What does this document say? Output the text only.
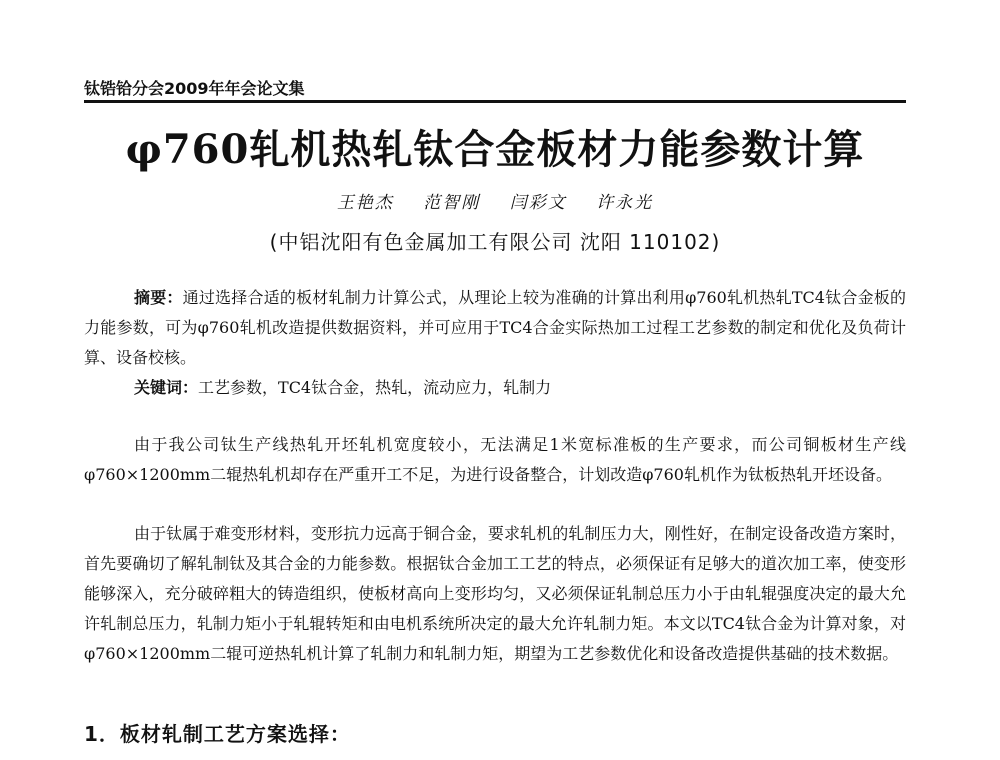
钛锆铪分会2009年年会论文集
φ760轧机热轧钛合金板材力能参数计算
王艳杰 范智刚 闫彩文 许永光
(中铝沈阳有色金属加工有限公司 沈阳 110102)
摘要：通过选择合适的板材轧制力计算公式，从理论上较为准确的计算出利用φ760轧机热轧TC4钛合金板的力能参数，可为φ760轧机改造提供数据资料，并可应用于TC4合金实际热加工过程工艺参数的制定和优化及负荷计算、设备校核。
关键词：工艺参数，TC4钛合金，热轧，流动应力，轧制力
由于我公司钛生产线热轧开坯轧机宽度较小，无法满足1米宽标准板的生产要求，而公司铜板材生产线φ760×1200mm二辊热轧机却存在严重开工不足，为进行设备整合，计划改造φ760轧机作为钛板热轧开坯设备。
由于钛属于难变形材料，变形抗力远高于铜合金，要求轧机的轧制压力大，刚性好，在制定设备改造方案时，首先要确切了解轧制钛及其合金的力能参数。根据钛合金加工工艺的特点，必须保证有足够大的道次加工率，使变形能够深入，充分破碎粗大的铸造组织，使板材高向上变形均匀，又必须保证轧制总压力小于由轧辊强度决定的最大允许轧制总压力，轧制力矩小于轧辊转矩和由电机系统所决定的最大允许轧制力矩。本文以TC4钛合金为计算对象，对φ760×1200mm二辊可逆热轧机计算了轧制力和轧制力矩，期望为工艺参数优化和设备改造提供基础的技术数据。
1．板材轧制工艺方案选择：
